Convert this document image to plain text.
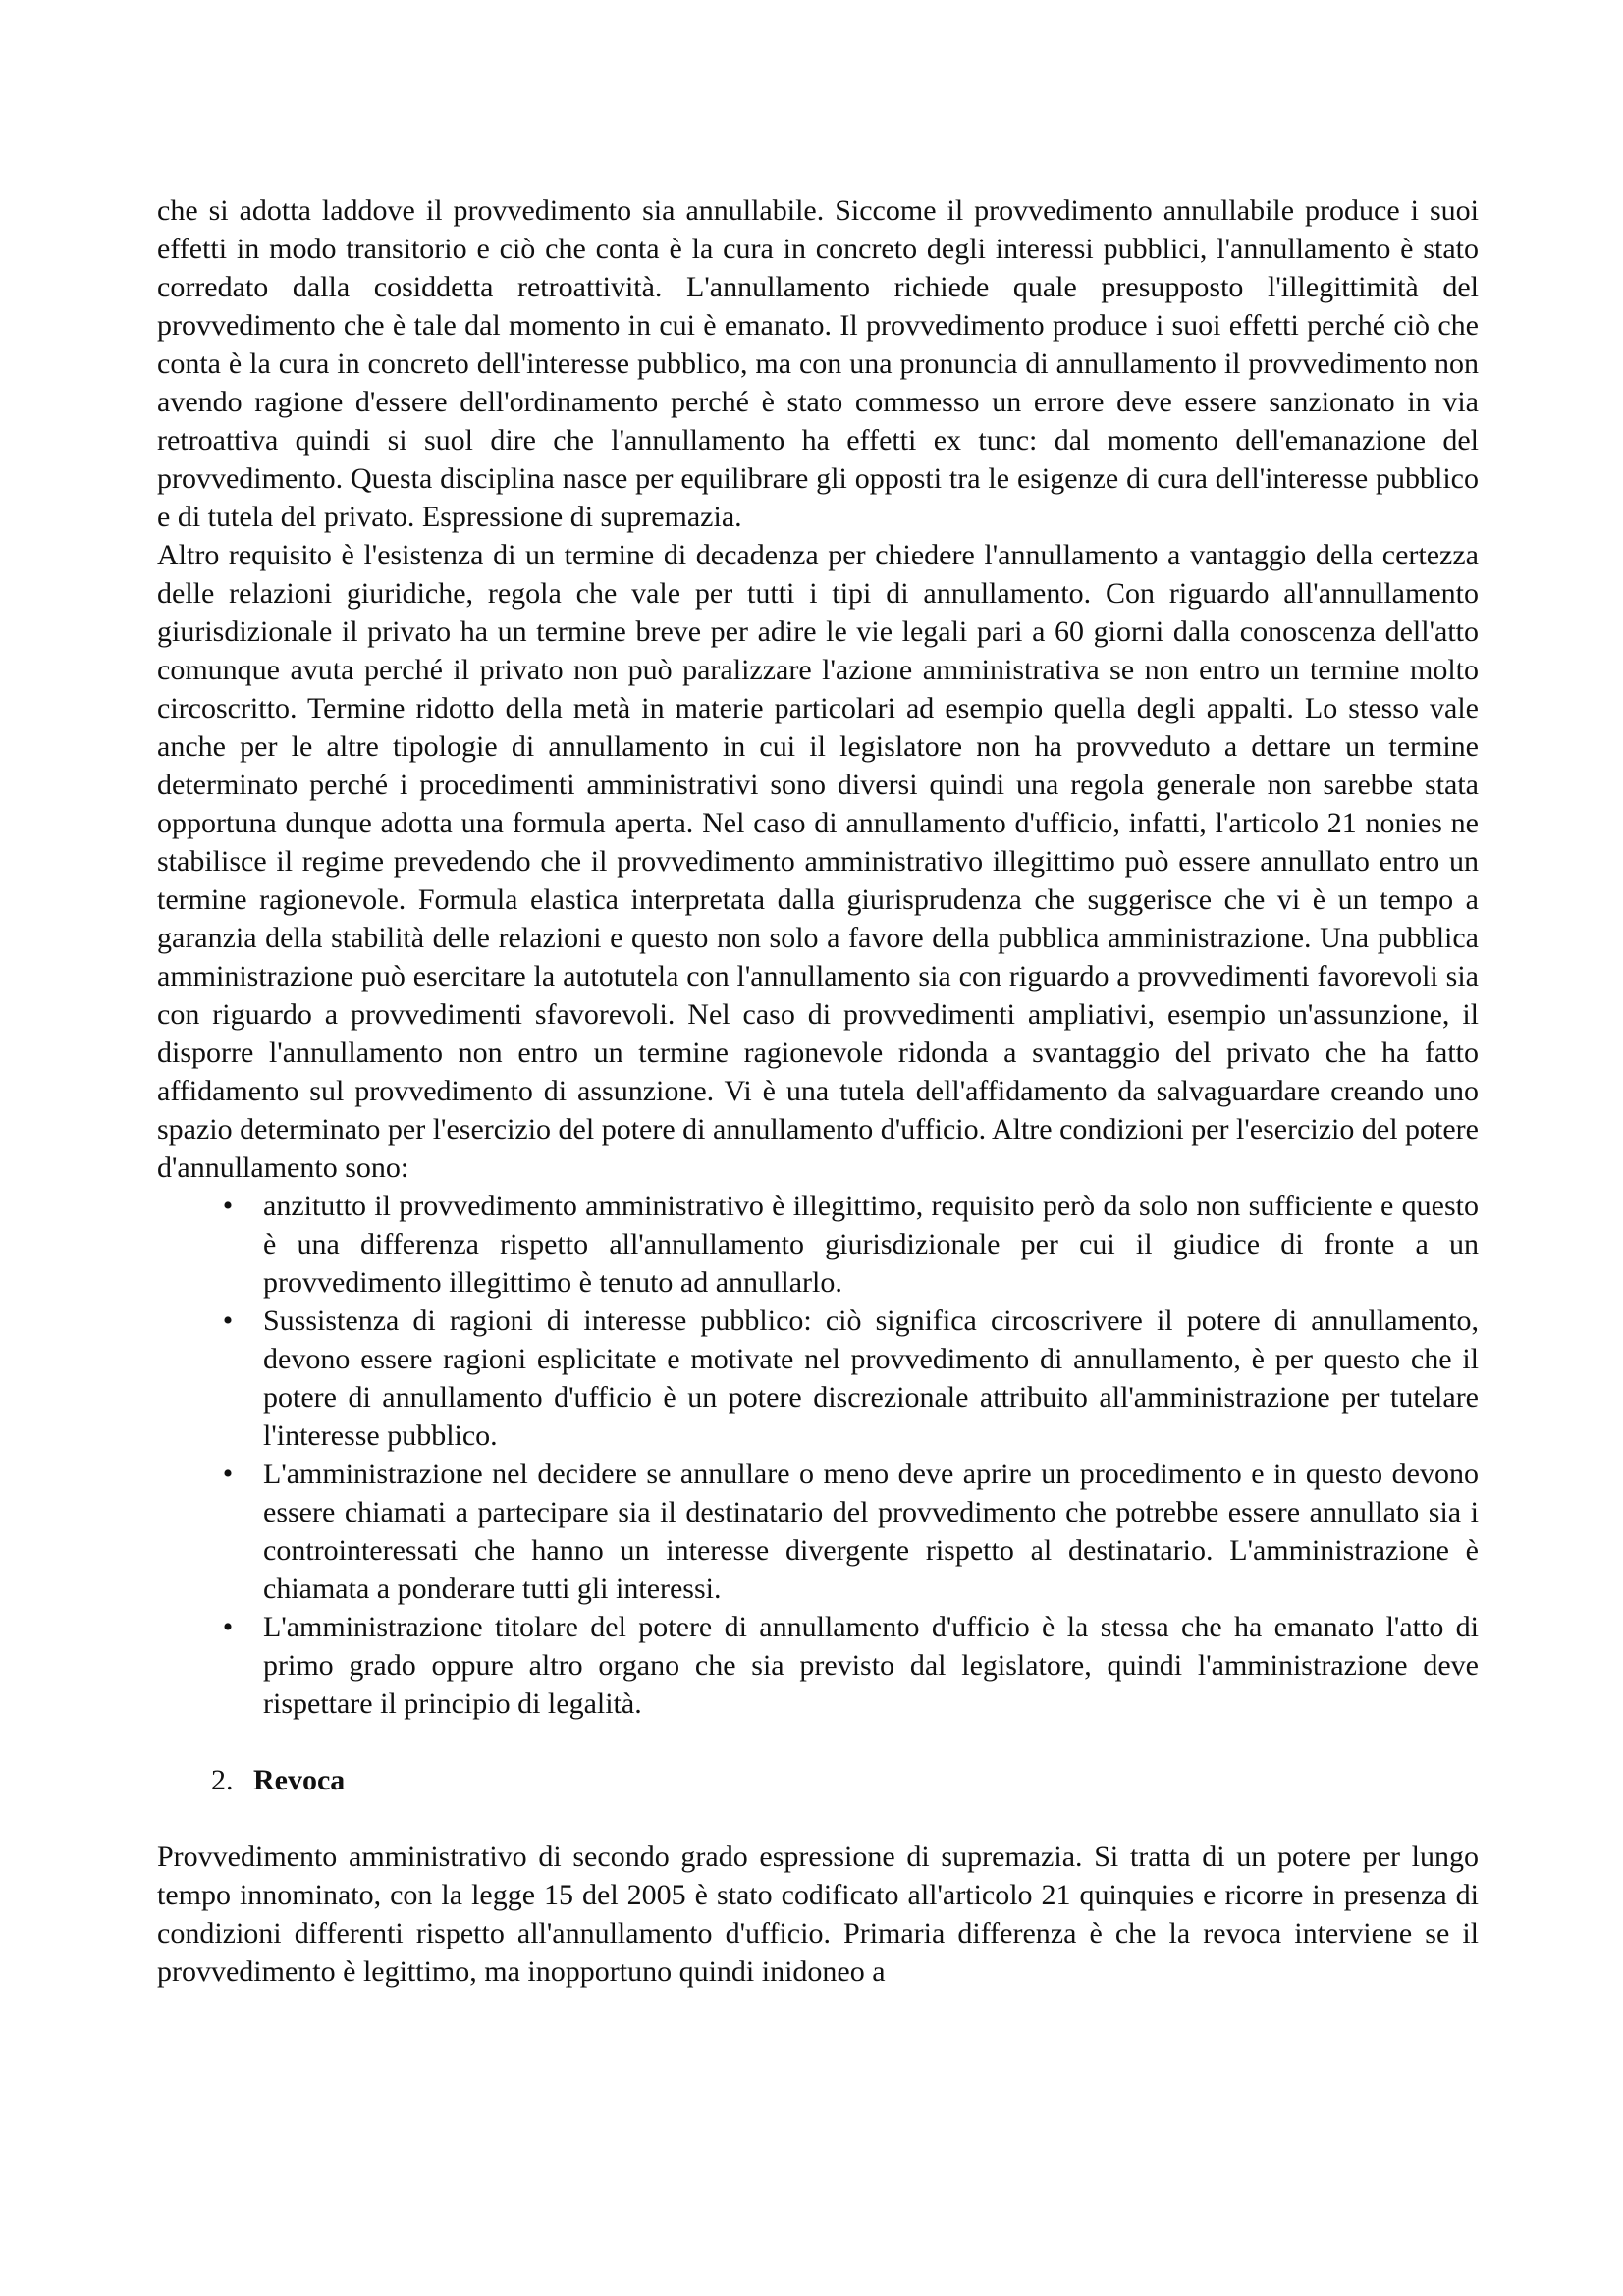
che si adotta laddove il provvedimento sia annullabile. Siccome il provvedimento annullabile produce i suoi effetti in modo transitorio e ciò che conta è la cura in concreto degli interessi pubblici, l'annullamento è stato corredato dalla cosiddetta retroattività. L'annullamento richiede quale presupposto l'illegittimità del provvedimento che è tale dal momento in cui è emanato. Il provvedimento produce i suoi effetti perché ciò che conta è la cura in concreto dell'interesse pubblico, ma con una pronuncia di annullamento il provvedimento non avendo ragione d'essere dell'ordinamento perché è stato commesso un errore deve essere sanzionato in via retroattiva quindi si suol dire che l'annullamento ha effetti ex tunc: dal momento dell'emanazione del provvedimento. Questa disciplina nasce per equilibrare gli opposti tra le esigenze di cura dell'interesse pubblico e di tutela del privato. Espressione di supremazia.

Altro requisito è l'esistenza di un termine di decadenza per chiedere l'annullamento a vantaggio della certezza delle relazioni giuridiche, regola che vale per tutti i tipi di annullamento. Con riguardo all'annullamento giurisdizionale il privato ha un termine breve per adire le vie legali pari a 60 giorni dalla conoscenza dell'atto comunque avuta perché il privato non può paralizzare l'azione amministrativa se non entro un termine molto circoscritto. Termine ridotto della metà in materie particolari ad esempio quella degli appalti. Lo stesso vale anche per le altre tipologie di annullamento in cui il legislatore non ha provveduto a dettare un termine determinato perché i procedimenti amministrativi sono diversi quindi una regola generale non sarebbe stata opportuna dunque adotta una formula aperta. Nel caso di annullamento d'ufficio, infatti, l'articolo 21 nonies ne stabilisce il regime prevedendo che il provvedimento amministrativo illegittimo può essere annullato entro un termine ragionevole. Formula elastica interpretata dalla giurisprudenza che suggerisce che vi è un tempo a garanzia della stabilità delle relazioni e questo non solo a favore della pubblica amministrazione. Una pubblica amministrazione può esercitare la autotutela con l'annullamento sia con riguardo a provvedimenti favorevoli sia con riguardo a provvedimenti sfavorevoli. Nel caso di provvedimenti ampliativi, esempio un'assunzione, il disporre l'annullamento non entro un termine ragionevole ridonda a svantaggio del privato che ha fatto affidamento sul provvedimento di assunzione. Vi è una tutela dell'affidamento da salvaguardare creando uno spazio determinato per l'esercizio del potere di annullamento d'ufficio. Altre condizioni per l'esercizio del potere d'annullamento sono:

• anzitutto il provvedimento amministrativo è illegittimo, requisito però da solo non sufficiente e questo è una differenza rispetto all'annullamento giurisdizionale per cui il giudice di fronte a un provvedimento illegittimo è tenuto ad annullarlo.
• Sussistenza di ragioni di interesse pubblico: ciò significa circoscrivere il potere di annullamento, devono essere ragioni esplicitate e motivate nel provvedimento di annullamento, è per questo che il potere di annullamento d'ufficio è un potere discrezionale attribuito all'amministrazione per tutelare l'interesse pubblico.
• L'amministrazione nel decidere se annullare o meno deve aprire un procedimento e in questo devono essere chiamati a partecipare sia il destinatario del provvedimento che potrebbe essere annullato sia i controinteressati che hanno un interesse divergente rispetto al destinatario. L'amministrazione è chiamata a ponderare tutti gli interessi.
• L'amministrazione titolare del potere di annullamento d'ufficio è la stessa che ha emanato l'atto di primo grado oppure altro organo che sia previsto dal legislatore, quindi l'amministrazione deve rispettare il principio di legalità.
2. Revoca

Provvedimento amministrativo di secondo grado espressione di supremazia. Si tratta di un potere per lungo tempo innominato, con la legge 15 del 2005 è stato codificato all'articolo 21 quinquies e ricorre in presenza di condizioni differenti rispetto all'annullamento d'ufficio. Primaria differenza è che la revoca interviene se il provvedimento è legittimo, ma inopportuno quindi inidoneo a
